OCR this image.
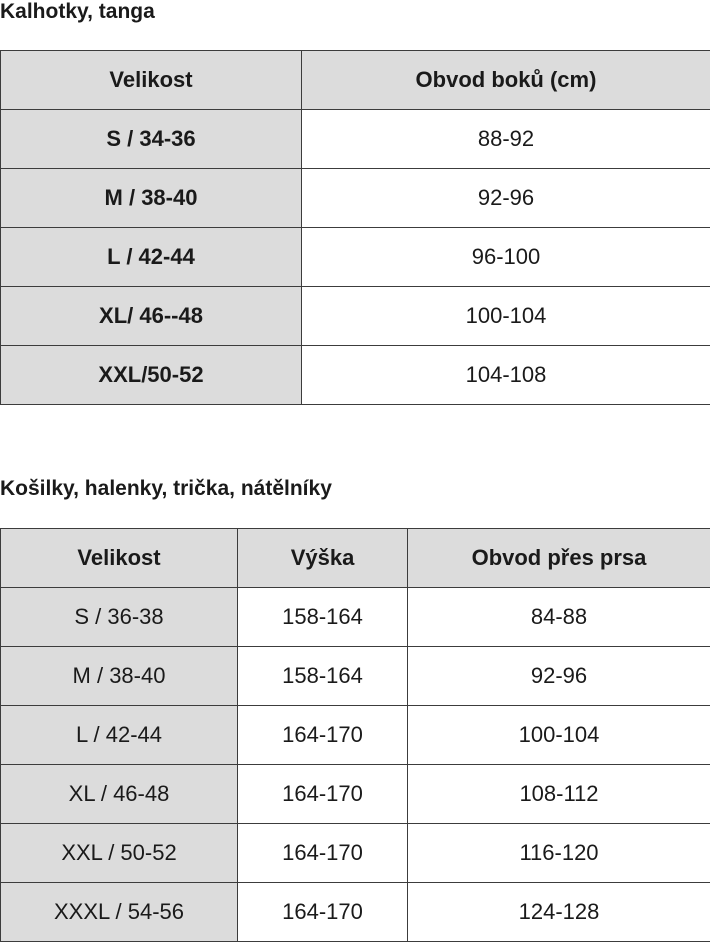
Kalhotky, tanga
Velikost	Obvod boků (cm)
S / 34-36	88-92
M / 38-40	92-96
L / 42-44	96-100
XL/ 46--48	100-104
XXL/50-52	104-108
Košilky, halenky, trička, nátělníky
Velikost	Výška	Obvod přes prsa
S / 36-38	158-164	84-88
M / 38-40	158-164	92-96
L / 42-44	164-170	100-104
XL / 46-48	164-170	108-112
XXL / 50-52	164-170	116-120
XXXL / 54-56	164-170	124-128
